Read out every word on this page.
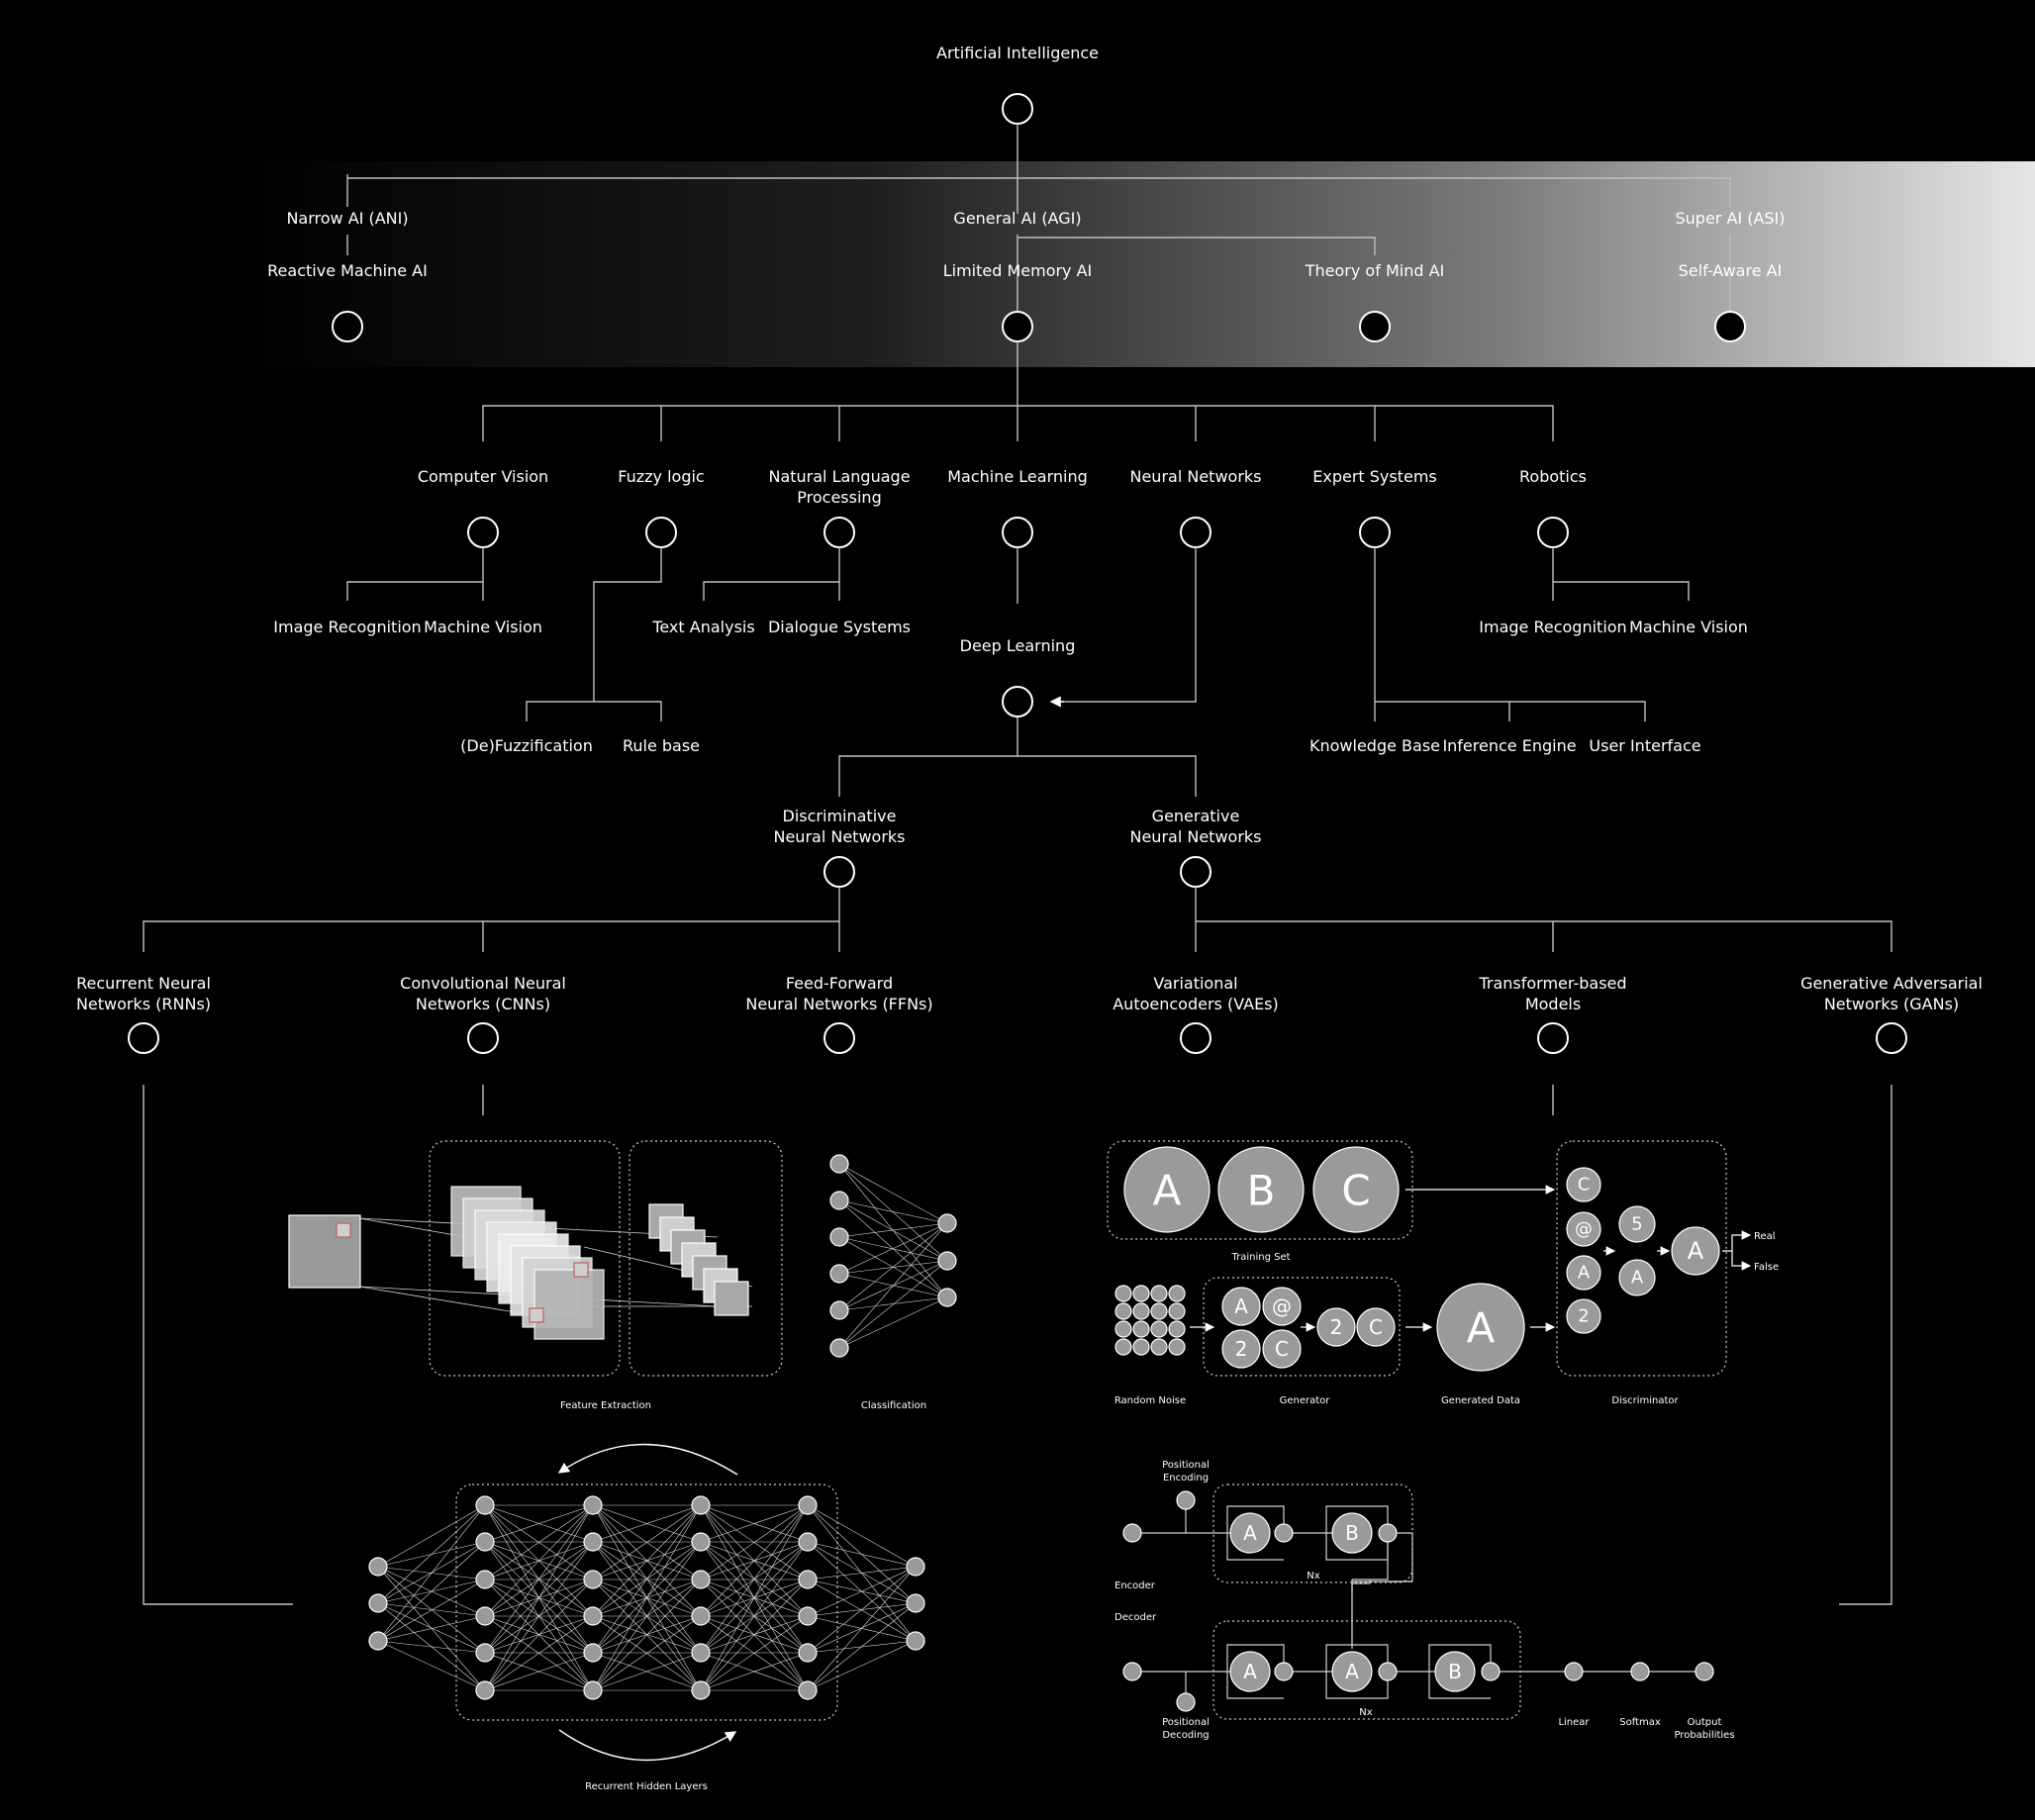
Artificial Intelligence
Narrow AI (ANI)	General AI (AGI)	Super AI (ASI)
Reactive Machine AI	Limited Memory AI	Theory of Mind AI	Self-Aware AI
Computer Vision	Fuzzy logic	Natural Language
Processing
Machine Learning	Neural Networks	Expert Systems	Robotics
Image Recognition Machine Vision
(De)Fuzzification Rule base
Text Analysis Dialogue Systems
Deep Learning
Knowledge Base Inference Engine User Interface
Image Recognition Machine Vision
Discriminative
Neural Networks
Generative
Neural Networks
Recurrent Neural
Networks (RNNs)
Convolutional Neural
Networks (CNNs)
Feed-Forward
Neural Networks (FFNs)
Variational
Autoencoders (VAEs)
Transformer-based
Models
Generative Adversarial
Networks (GANs)
Feature Extraction	Classification
Recurrent Hidden Layers
A B C
Training Set
Random Noise
A @
2 C
2 C
Generator
A
Generated Data
C
@
A
2
5
A
A
Discriminator
Real
False
A	B
A	A	B
Positional
Encoding
Encoder
Decoder
Nx
Nx
Positional
Decoding
Linear	Softmax	Output
Probabilities
